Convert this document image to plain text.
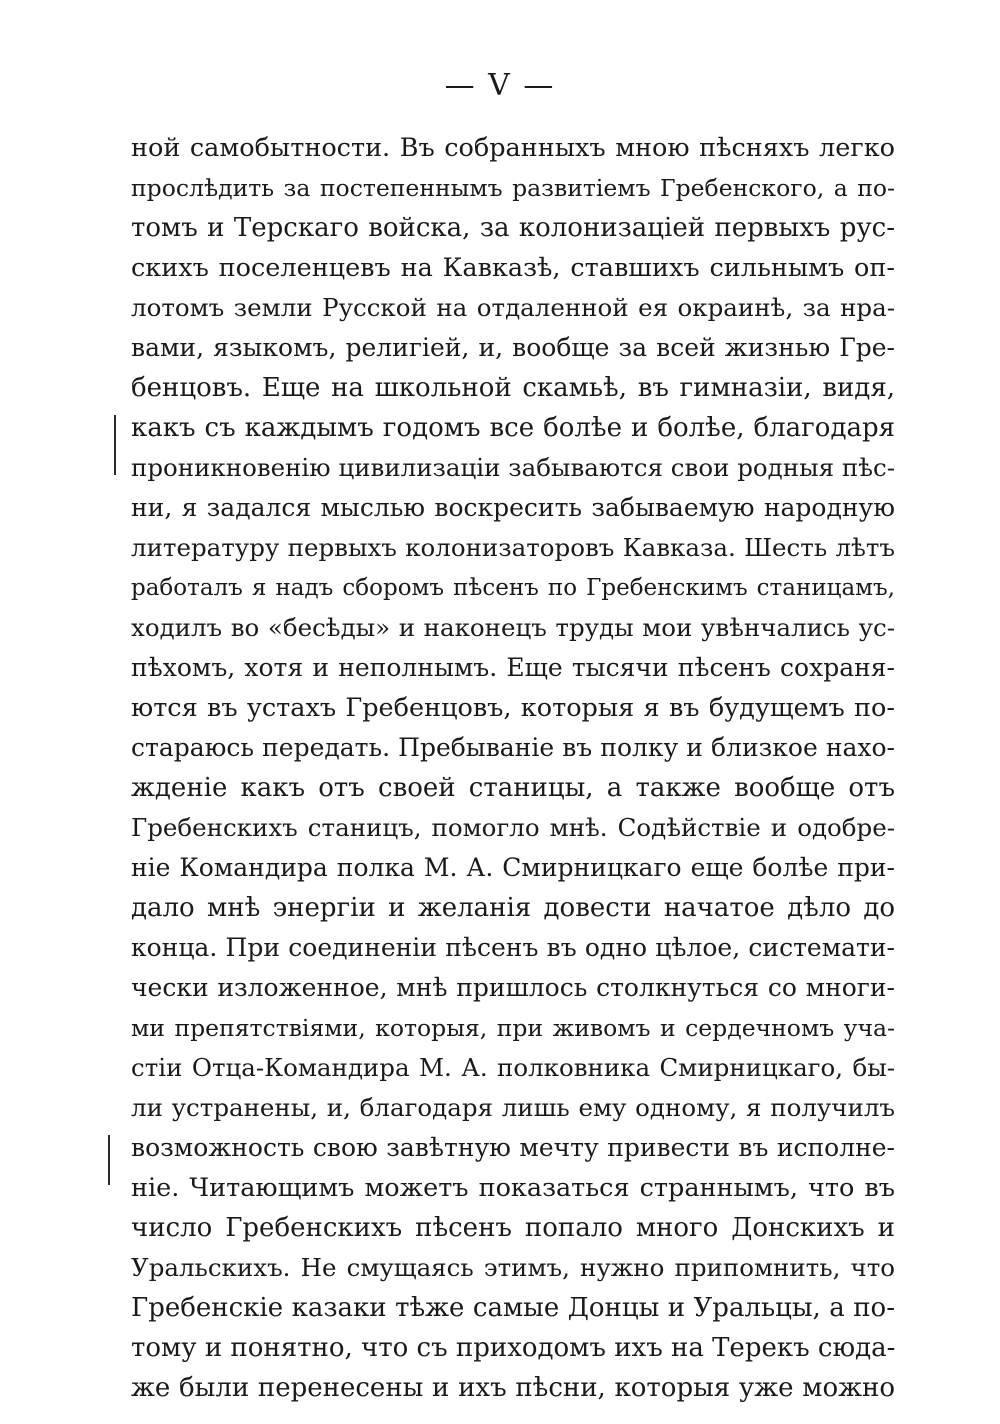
— V —
ной самобытности. Въ собранныхъ мною пѣсняхъ легко
прослѣдить за постепеннымъ развитіемъ Гребенского, а по-
томъ и Терскаго войска, за колонизацiей первыхъ рус-
скихъ поселенцевъ на Кавказѣ, ставшихъ сильнымъ оп-
лотомъ земли Русской на отдаленной ея окраинѣ, за нра-
вами, языкомъ, религiей, и, вообще за всей жизнью Гре-
бенцовъ. Еще на школьной скамьѣ, въ гимназiи, видя,
какъ съ каждымъ годомъ все болѣе и болѣе, благодаря
проникновенiю цивилизацiи забываются свои родныя пѣс-
ни, я задался мыслью воскресить забываемую народную
литературу первыхъ колонизаторовъ Кавказа. Шесть лѣтъ
работалъ я надъ сборомъ пѣсенъ по Гребенскимъ станицамъ,
ходилъ во «бесѣды» и наконецъ труды мои увѣнчались ус-
пѣхомъ, хотя и неполнымъ. Еще тысячи пѣсенъ сохраня-
ются въ устахъ Гребенцовъ, которыя я въ будущемъ по-
стараюсь передать. Пребываніе въ полку и близкое нахо-
жденіе какъ отъ своей станицы, а также вообще отъ
Гребенскихъ станицъ, помогло мнѣ. Содѣйствіе и одобре-
ніе Командира полка М. А. Смирницкаго еще болѣе при-
дало мнѣ энергiи и желанія довести начатое дѣло до
конца. При соединенiи пѣсенъ въ одно цѣлое, системати-
чески изложенное, мнѣ пришлось столкнуться со многи-
ми препятствiями, которыя, при живомъ и сердечномъ уча-
стіи Отца-Командира М. А. полковника Смирницкаго, бы-
ли устранены, и, благодаря лишь ему одному, я получилъ
возможность свою завѣтную мечту привести въ исполне-
ніе. Читающимъ можетъ показаться страннымъ, что въ
число Гребенскихъ пѣсенъ попало много Донскихъ и
Уральскихъ. Не смущаясь этимъ, нужно припомнить, что
Гребенскiе казаки тѣже самые Донцы и Уральцы, а по-
тому и понятно, что съ приходомъ ихъ на Терекъ сюда-
же были перенесены и ихъ пѣсни, которыя уже можно
